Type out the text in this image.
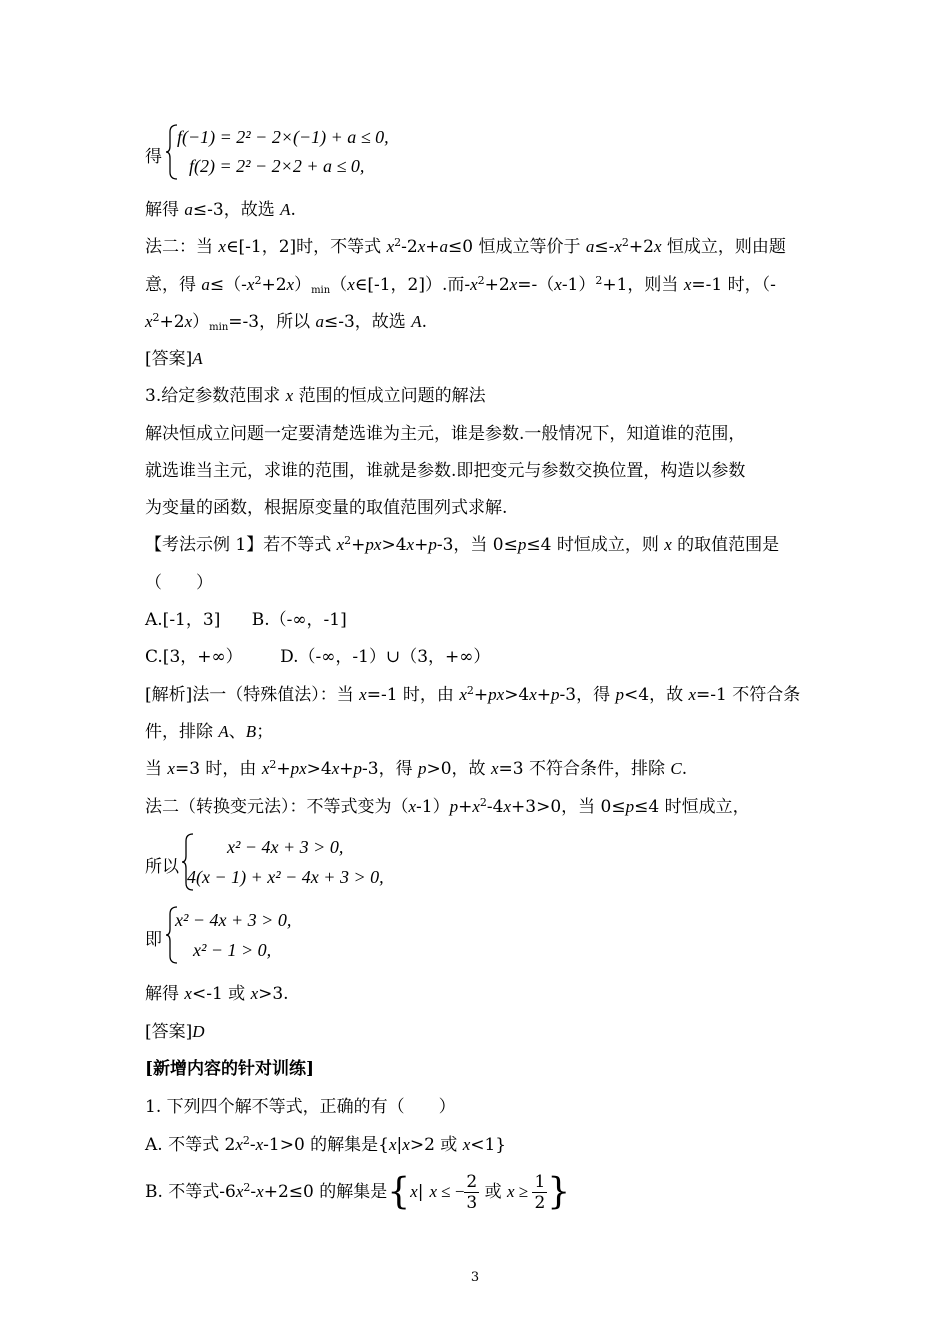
得
f(−1) = 2² − 2×(−1) + a ≤ 0,
f(2) = 2² − 2×2 + a ≤ 0,
解得 a≤-3，故选 A.
法二：当 x∈[-1，2]时，不等式 $x^2-2x+a\le 0$ 恒成立等价于 $a\le-x^2+2x$ 恒成立，则由题
意，得 $a\le(-x^2+2x)_{min}(x\in[-1$，2]）.而$-x^2+2x=-(x-1)^2+1$，则当 x=-1 时，（-
$x^2+2x)_{min}=-3$，所以 a≤-3，故选 A.
[答案]A
3.给定参数范围求 x 范围的恒成立问题的解法
解决恒成立问题一定要清楚选谁为主元，谁是参数.一般情况下，知道谁的范围，
就选谁当主元，求谁的范围，谁就是参数.即把变元与参数交换位置，构造以参数
为变量的函数，根据原变量的取值范围列式求解.
【考法示例 1】若不等式 $x^2+px>4x+p-3$，当 0≤p≤4 时恒成立，则 x 的取值范围是
（　　）
A.[-1，3] B.（-∞，-1]
C.[3，+∞） D.（-∞，-1）∪（3，+∞）
[解析]法一（特殊值法）：当 x=-1 时，由 $x^2+px>4x+p-3$，得 p<4，故 x=-1 不符合条
件，排除 A、B；
当 x=3 时，由 $x^2+px>4x+p-3$，得 p>0，故 x=3 不符合条件，排除 C.
法二（转换变元法）：不等式变为$(x-1)p+x^2-4x+3>0$，当 0≤p≤4 时恒成立，
所以
x² − 4x + 3 > 0,
4(x − 1) + x² − 4x + 3 > 0,
即
x² − 4x + 3 > 0,
x² − 1 > 0,
解得 x<-1 或 x>3.
[答案]D
[新增内容的针对训练]
1. 下列四个解不等式，正确的有（　　）
A. 不等式 $2x^2-x-1>0$ 的解集是{x|x>2 或 x<1}
B. 不等式$-6x^2-x+2\le 0$ 的解集是{x| x ≤ − $\frac{2}{3}$ 或 $x \ge \frac{1}{2}$ }
3
